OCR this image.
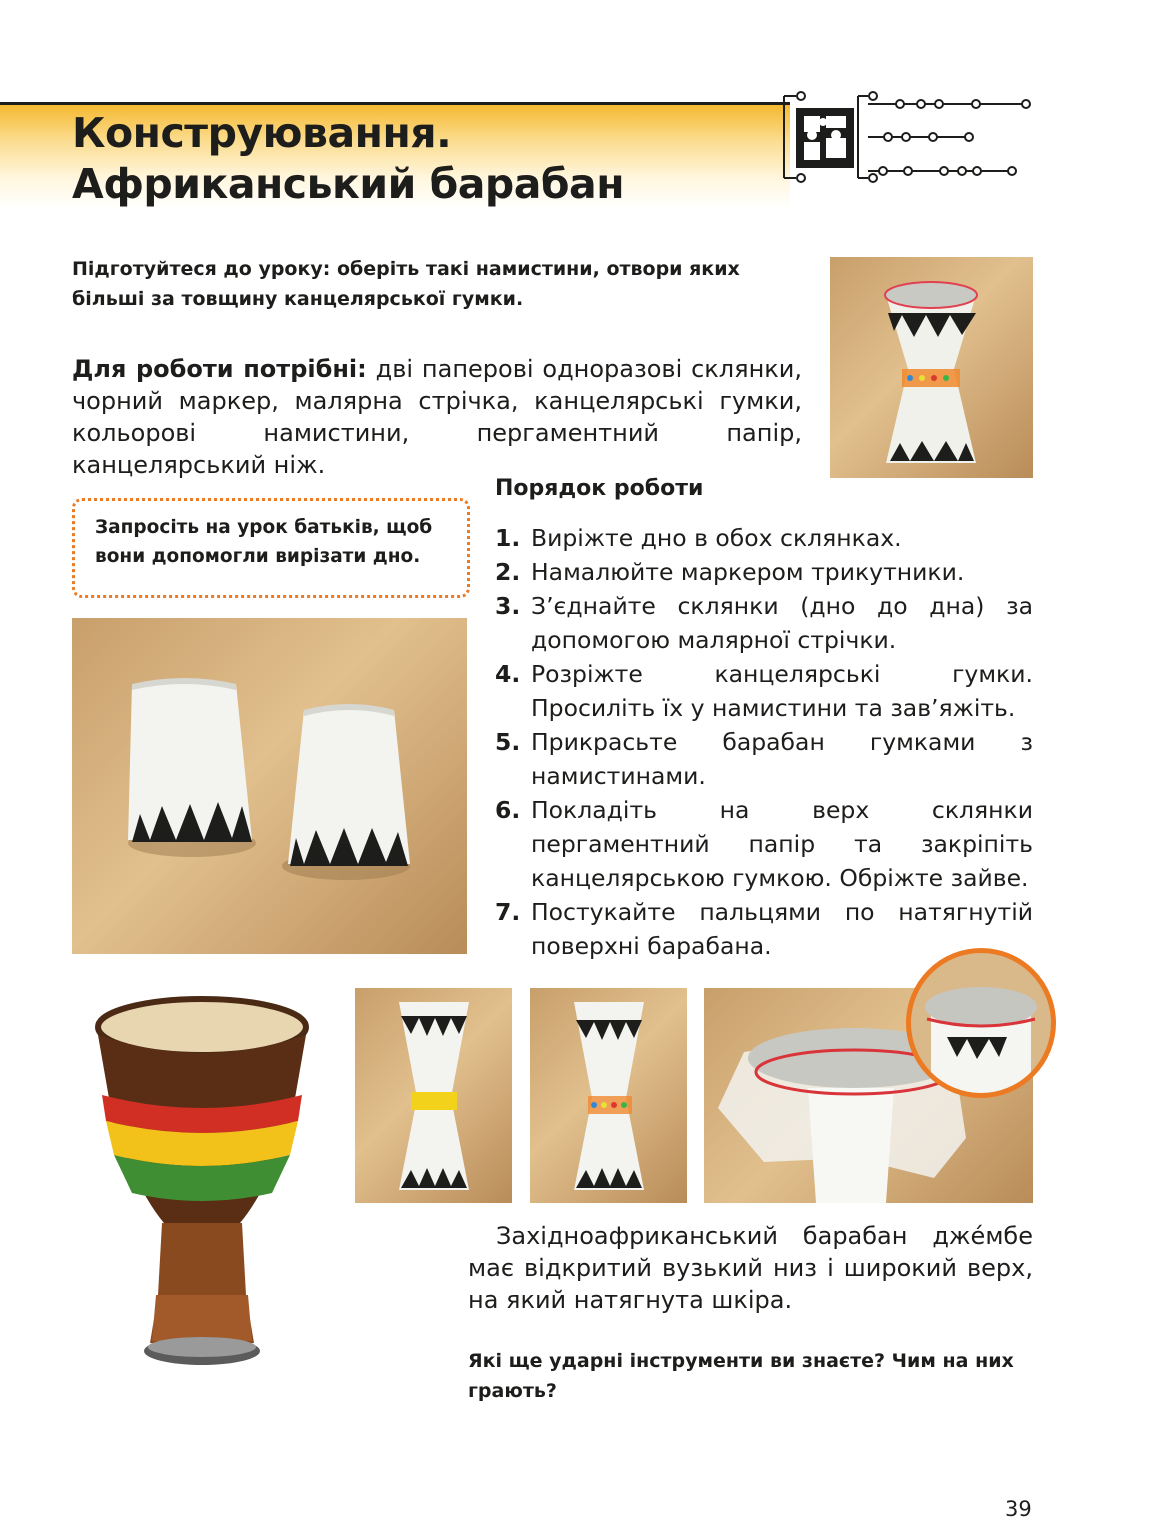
Конструювання.
Африканський барабан

Підготуйтеся до уроку: оберіть такі намистини, отвори яких більші за товщину канцелярської гумки.

Для роботи потрібні: дві паперові одноразові склянки, чорний маркер, малярна стрічка, канцелярські гумки, кольорові намистини, пергаментний папір, канцелярський ніж.

Запросіть на урок батьків, щоб вони допомогли вирізати дно.

Порядок роботи

1. Виріжте дно в обох склянках.
2. Намалюйте маркером трикутники.
3. З’єднайте склянки (дно до дна) за допомогою малярної стрічки.
4. Розріжте канцелярські гумки. Просиліть їх у намистини та зав’яжіть.
5. Прикрасьте барабан гумками з намистинами.
6. Покладіть на верх склянки пергаментний папір та закріпіть канцелярською гумкою. Обріжте зайве.
7. Постукайте пальцями по натягнутій поверхні барабана.

Західноафриканський барабан джéмбе має відкритий вузький низ і широкий верх, на який натягнута шкіра.

Які ще ударні інструменти ви знаєте? Чим на них грають?

39
